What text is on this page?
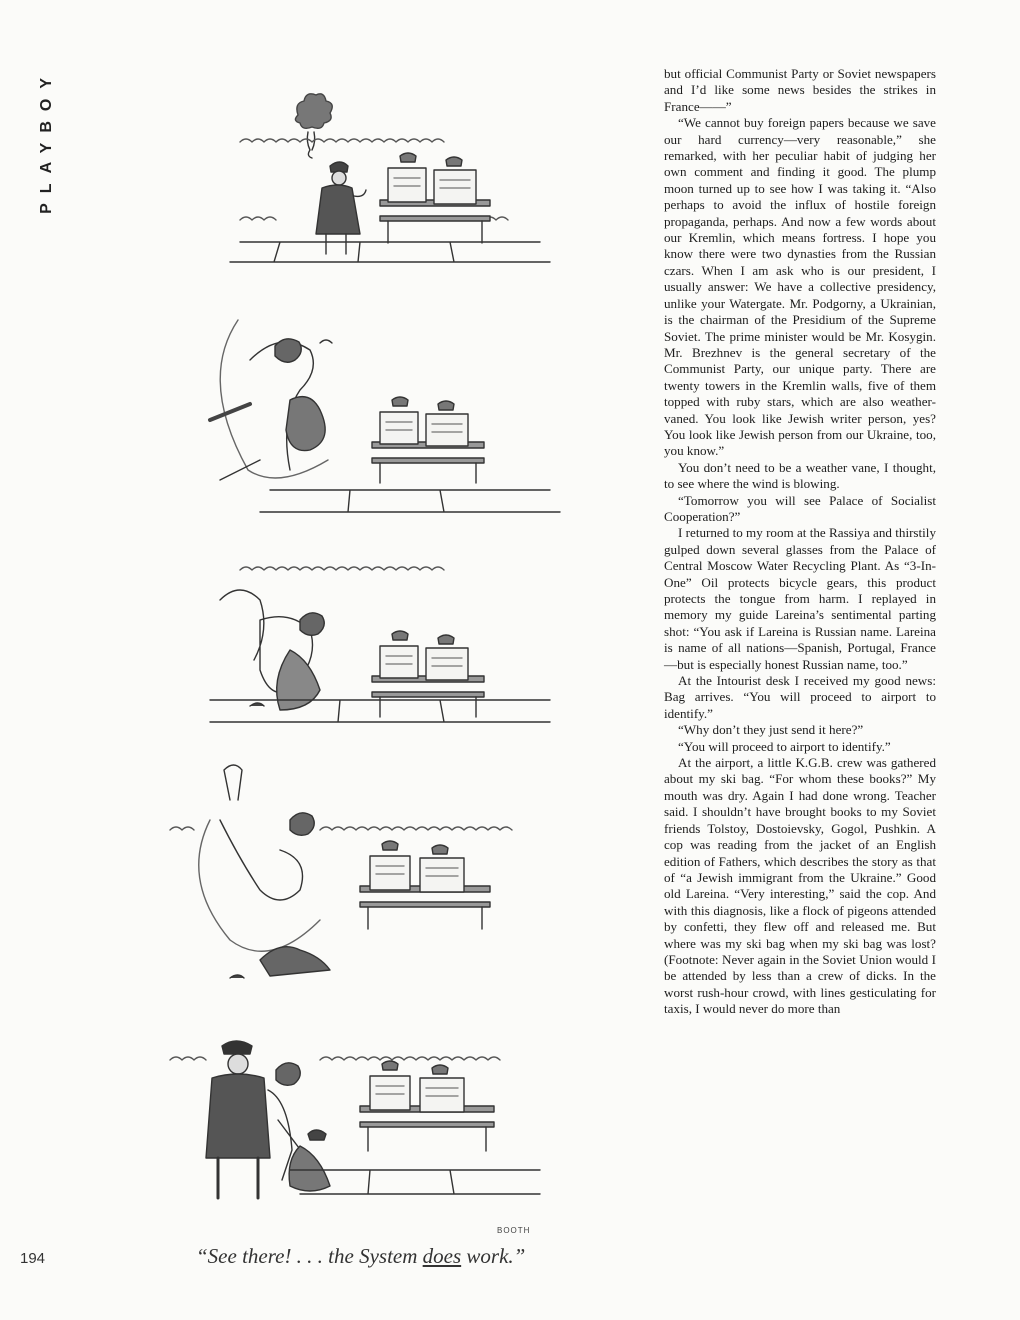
PLAYBOY
BOOTH
“See there! . . . the System does work.”
194

but official Communist Party or Soviet newspapers and I’d like some news besides the strikes in France——”

“We cannot buy foreign papers because we save our hard currency—very reasonable,” she remarked, with her peculiar habit of judging her own comment and finding it good. The plump moon turned up to see how I was taking it. “Also perhaps to avoid the influx of hostile foreign propaganda, perhaps. And now a few words about our Kremlin, which means fortress. I hope you know there were two dynasties from the Russian czars. When I am ask who is our president, I usually answer: We have a collective presidency, unlike your Watergate. Mr. Podgorny, a Ukrainian, is the chairman of the Presidium of the Supreme Soviet. The prime minister would be Mr. Kosygin. Mr. Brezhnev is the general secretary of the Communist Party, our unique party. There are twenty towers in the Kremlin walls, five of them topped with ruby stars, which are also weather-vaned. You look like Jewish writer person, yes? You look like Jewish person from our Ukraine, too, you know.”

You don’t need to be a weather vane, I thought, to see where the wind is blowing.

“Tomorrow you will see Palace of Socialist Cooperation?”

I returned to my room at the Rassiya and thirstily gulped down several glasses from the Palace of Central Moscow Water Recycling Plant. As “3-In-One” Oil protects bicycle gears, this product protects the tongue from harm. I replayed in memory my guide Lareina’s sentimental parting shot: “You ask if Lareina is Russian name. Lareina is name of all nations—Spanish, Portugal, France—but is especially honest Russian name, too.”

At the Intourist desk I received my good news: Bag arrives. “You will proceed to airport to identify.”

“Why don’t they just send it here?”

“You will proceed to airport to identify.”

At the airport, a little K.G.B. crew was gathered about my ski bag. “For whom these books?” My mouth was dry. Again I had done wrong. Teacher said. I shouldn’t have brought books to my Soviet friends Tolstoy, Dostoievsky, Gogol, Pushkin. A cop was reading from the jacket of an English edition of Fathers, which describes the story as that of “a Jewish immigrant from the Ukraine.” Good old Lareina. “Very interesting,” said the cop. And with this diagnosis, like a flock of pigeons attended by confetti, they flew off and released me. But where was my ski bag when my ski bag was lost? (Footnote: Never again in the Soviet Union would I be attended by less than a crew of dicks. In the worst rush-hour crowd, with lines gesticulating for taxis, I would never do more than
